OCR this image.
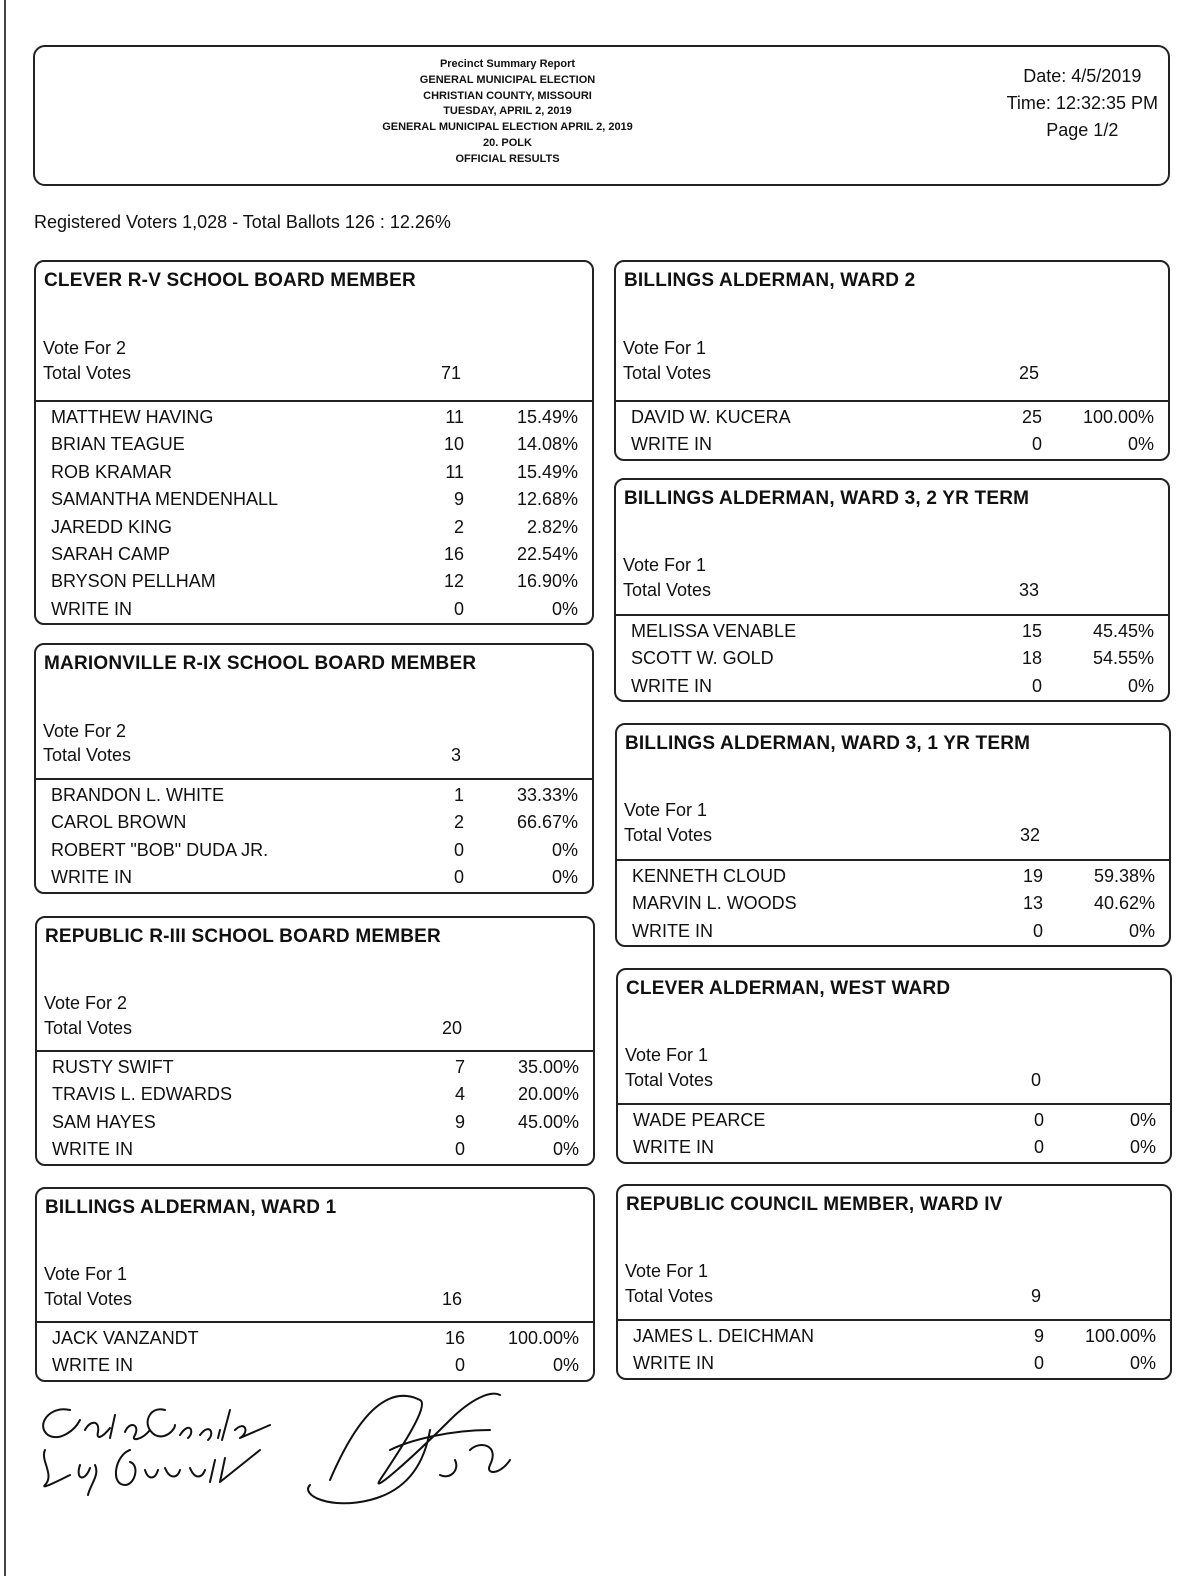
Precinct Summary Report
GENERAL MUNICIPAL ELECTION
CHRISTIAN COUNTY, MISSOURI
TUESDAY, APRIL 2, 2019
GENERAL MUNICIPAL ELECTION APRIL 2, 2019
20. POLK
OFFICIAL RESULTS
Date: 4/5/2019
Time: 12:32:35 PM
Page 1/2
Registered Voters 1,028 - Total Ballots 126 : 12.26%
CLEVER R-V SCHOOL BOARD MEMBER
Vote For 2
Total Votes	71
MATTHEW HAVING	11	15.49%
BRIAN TEAGUE	10	14.08%
ROB KRAMAR	11	15.49%
SAMANTHA MENDENHALL	9	12.68%
JAREDD KING	2	2.82%
SARAH CAMP	16	22.54%
BRYSON PELLHAM	12	16.90%
WRITE IN	0	0%
MARIONVILLE R-IX SCHOOL BOARD MEMBER
Vote For 2
Total Votes	3
BRANDON L. WHITE	1	33.33%
CAROL BROWN	2	66.67%
ROBERT "BOB" DUDA JR.	0	0%
WRITE IN	0	0%
REPUBLIC R-III SCHOOL BOARD MEMBER
Vote For 2
Total Votes	20
RUSTY SWIFT	7	35.00%
TRAVIS L. EDWARDS	4	20.00%
SAM HAYES	9	45.00%
WRITE IN	0	0%
BILLINGS ALDERMAN, WARD 1
Vote For 1
Total Votes	16
JACK VANZANDT	16	100.00%
WRITE IN	0	0%
BILLINGS ALDERMAN, WARD 2
Vote For 1
Total Votes	25
DAVID W. KUCERA	25	100.00%
WRITE IN	0	0%
BILLINGS ALDERMAN, WARD 3, 2 YR TERM
Vote For 1
Total Votes	33
MELISSA VENABLE	15	45.45%
SCOTT W. GOLD	18	54.55%
WRITE IN	0	0%
BILLINGS ALDERMAN, WARD 3, 1 YR TERM
Vote For 1
Total Votes	32
KENNETH CLOUD	19	59.38%
MARVIN L. WOODS	13	40.62%
WRITE IN	0	0%
CLEVER ALDERMAN, WEST WARD
Vote For 1
Total Votes	0
WADE PEARCE	0	0%
WRITE IN	0	0%
REPUBLIC COUNCIL MEMBER, WARD IV
Vote For 1
Total Votes	9
JAMES L. DEICHMAN	9	100.00%
WRITE IN	0	0%
